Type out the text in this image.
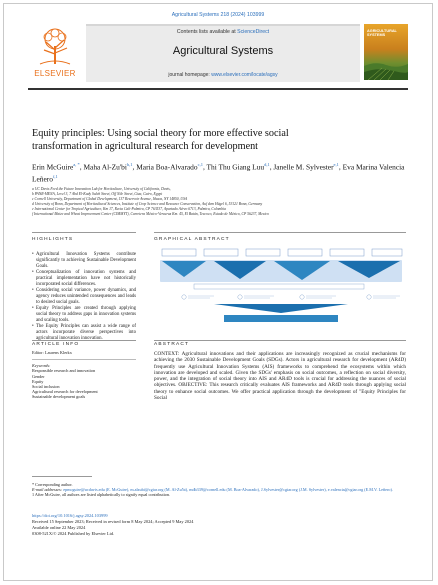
Agricultural Systems 218 (2024) 103999
ELSEVIER
Contents lists available at ScienceDirect
Agricultural Systems
journal homepage: www.elsevier.com/locate/agsy
AGRICULTURAL SYSTEMS
Equity principles: Using social theory for more effective social
transformation in agricultural research for development
Erin McGuire$^{a, *}$, Maha Al-Zu'bi$^{b,1}$, Maria Boa-Alvarado$^{c,1}$, Thi Thu Giang Luu$^{d,1}$, Janelle M. Sylvester$^{e,1}$, Eva Marina Valencia Leñero$^{f,1}$
a UC Davis Feed the Future Innovation Lab for Horticulture, University of California, Davis,
b PANR-MENA, Level 3, 7 Abd El-Kady Saleh Street, Off Nile Street, Giza, Cairo, Egypt
c Cornell University, Department of Global Development, 137 Reservoir Avenue, Ithaca, NY 14850, USA
d University of Bonn, Department of Horticultural Sciences, Institute of Crop Science and Resource Conservation, Auf dem Hügel 6, 53121 Bonn, Germany
e International Center for Tropical Agriculture, Km 17, Recta Cali-Palmira, CP 763537, Apartado Aéreo 6713, Palmira, Colombia
f International Maize and Wheat Improvement Center (CIMMYT), Carretera México-Veracruz Km. 45, El Batán, Texcoco, Estado de México, CP 56237, Mexico
HIGHLIGHTS	GRAPHICAL ABSTRACT
• Agricultural Innovation Systems contribute significantly to achieving Sustainable Development Goals.
• Conceptualization of innovation systems and practical implementation have not historically incorporated social differences.
• Considering social variance, power dynamics, and agency reduces unintended consequences and leads to desired social goals.
• Equity Principles are created through applying social theory to address gaps in innovation systems and scaling tools.
• The Equity Principles can assist a wide range of actors incorporate diverse perspectives into agricultural innovation innovation.
ARTICLE INFO	ABSTRACT
Editor: Laurens Klerkx
Keywords:
Responsible research and innovation
Gender
Equity
Social inclusion
Agricultural research for development
Sustainable development goals
CONTEXT: Agricultural innovations and their applications are increasingly recognized as crucial mechanisms for achieving the 2030 Sustainable Development Goals (SDGs). Actors in agricultural research for development (AR4D) frequently use Agricultural Innovation Systems (AIS) frameworks to comprehend the ecosystems within which innovation are developed and scaled. Given the SDGs' emphasis on social outcomes, a reflection on social diversity, power, and the integration of social theory into AIS and AR4D tools is crucial for addressing the nuances of social objectives. OBJECTIVE: This research critically evaluates AIS frameworks and AR4D tools through applying social theory to enhance social outcomes. We offer practical application through the development of "Equity Principles for Social
* Corresponding author.
E-mail addresses: epmcguire@ucdavis.edu (E. McGuire), m.alzubi@cgiar.org (M. Al-Zu'bi), mdb339@cornell.edu (M. Boa-Alvarado), J.Sylvester@cgiar.org (J.M. Sylvester), e.valencia@cgiar.org (E.M.V. Leñero).
1 After McGuire, all authors are listed alphabetically to signify equal contribution.
https://doi.org/10.1016/j.agsy.2024.103999
Received 15 September 2023; Received in revised form 8 May 2024; Accepted 9 May 2024
Available online 22 May 2024
0308-521X/© 2024 Published by Elsevier Ltd.
